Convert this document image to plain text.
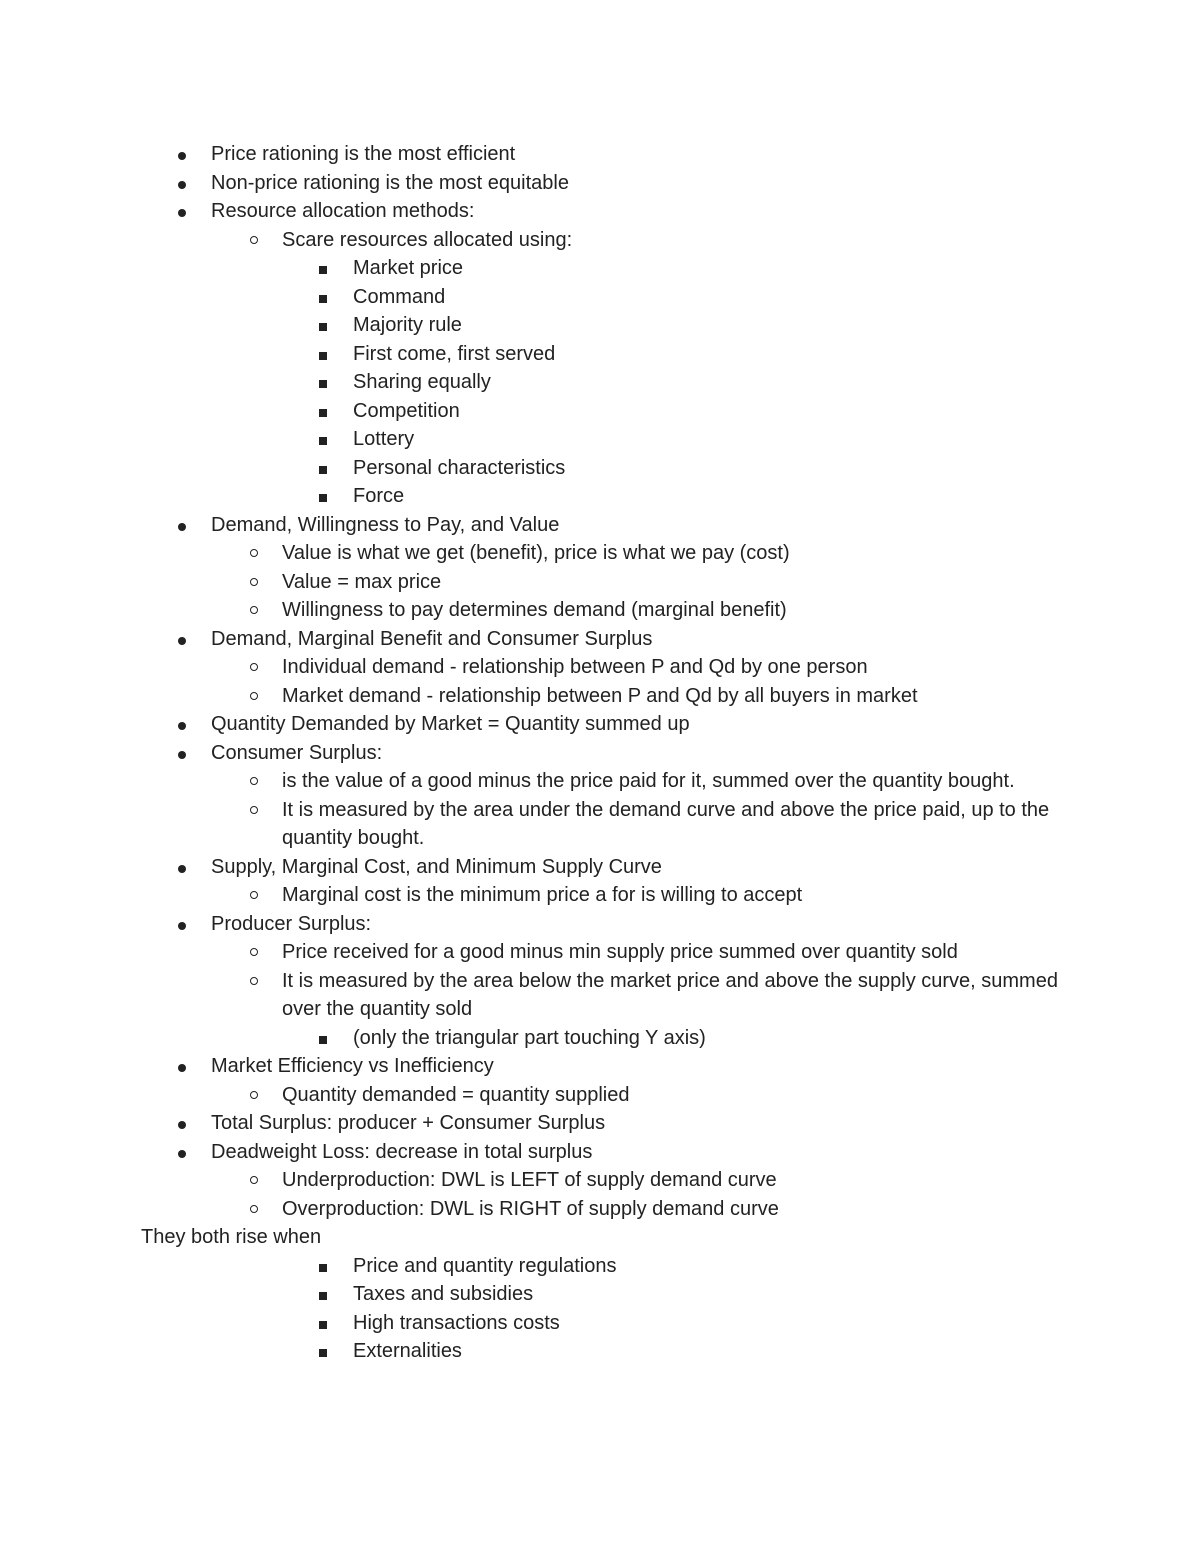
Price rationing is the most efficient
Non-price rationing is the most equitable
Resource allocation methods:
Scare resources allocated using:
Market price
Command
Majority rule
First come, first served
Sharing equally
Competition
Lottery
Personal characteristics
Force
Demand, Willingness to Pay, and Value
Value is what we get (benefit), price is what we pay (cost)
Value = max price
Willingness to pay determines demand (marginal benefit)
Demand, Marginal Benefit and Consumer Surplus
Individual demand - relationship between P and Qd by one person
Market demand - relationship between P and Qd by all buyers in market
Quantity Demanded by Market = Quantity summed up
Consumer Surplus:
is the value of a good minus the price paid for it, summed over the quantity bought.
It is measured by the area under the demand curve and above the price paid, up to the quantity bought.
Supply, Marginal Cost, and Minimum Supply Curve
Marginal cost is the minimum price a for is willing to accept
Producer Surplus:
Price received for a good minus min supply price summed over quantity sold
It is measured by the area below the market price and above the supply curve, summed over the quantity sold
(only the triangular part touching Y axis)
Market Efficiency vs Inefficiency
Quantity demanded = quantity supplied
Total Surplus: producer + Consumer Surplus
Deadweight Loss: decrease in total surplus
Underproduction: DWL is LEFT of supply demand curve
Overproduction: DWL is RIGHT of supply demand curve
They both rise when
Price and quantity regulations
Taxes and subsidies
High transactions costs
Externalities
